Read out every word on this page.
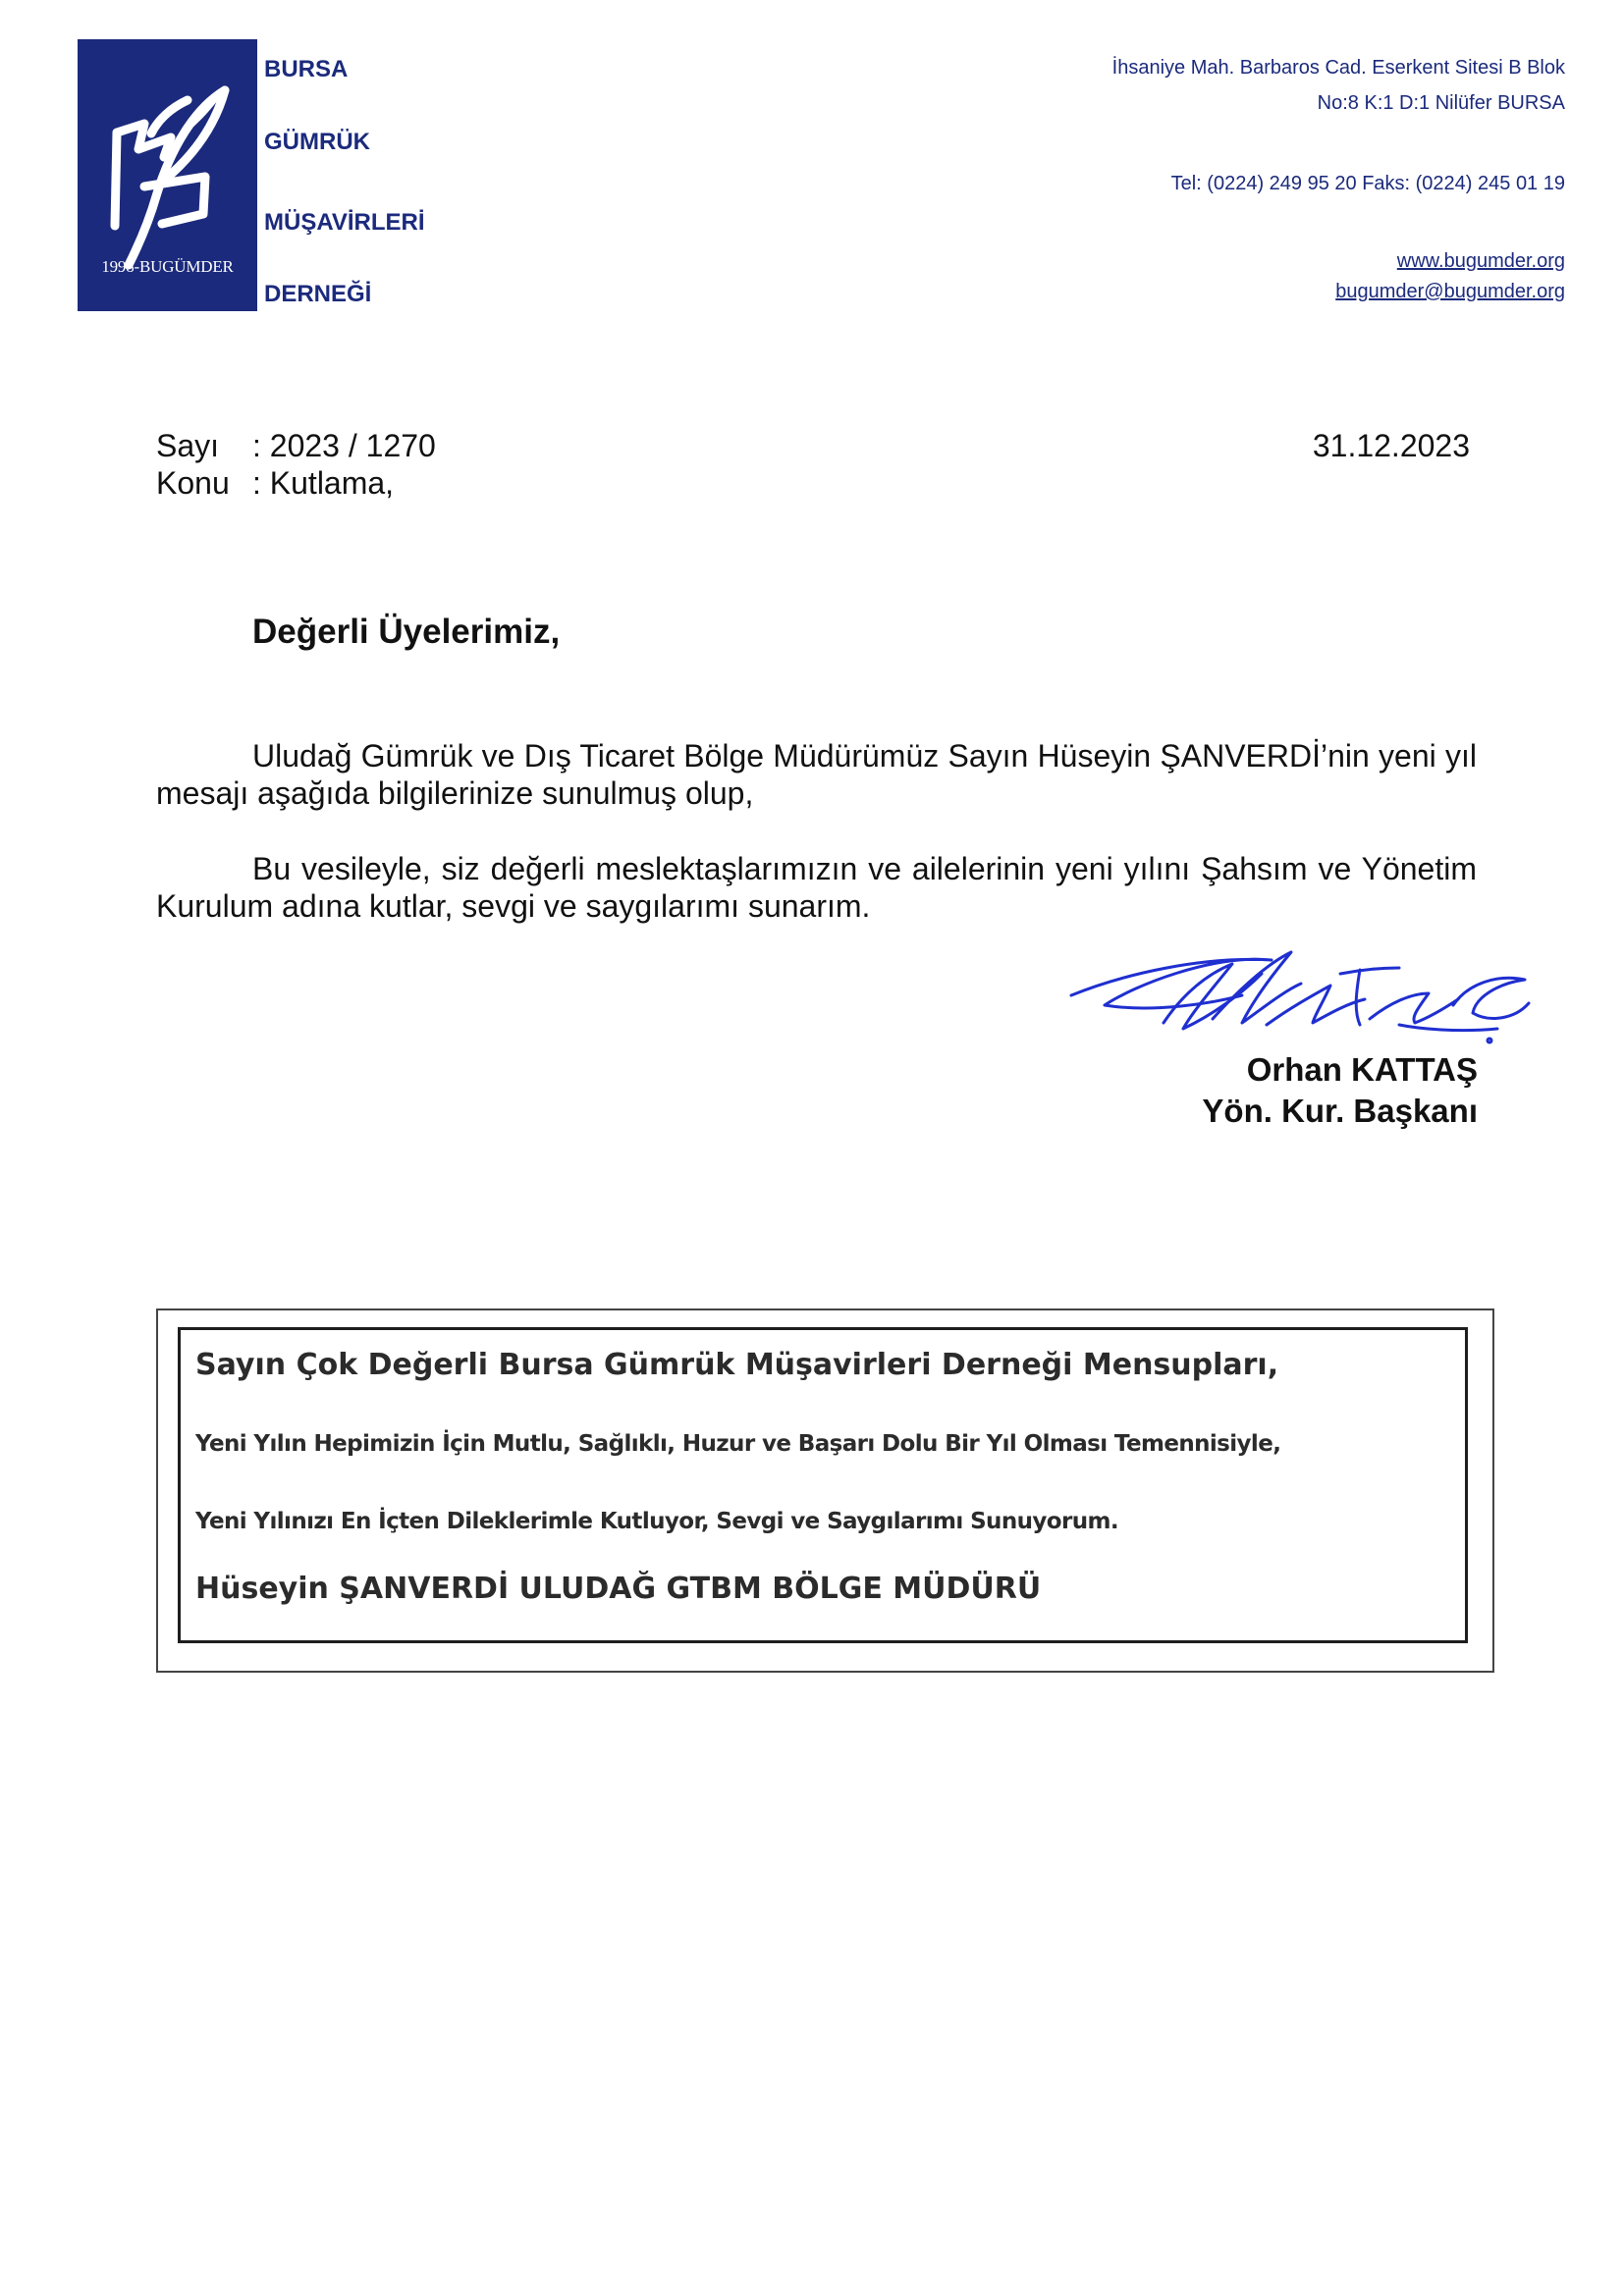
1998-BUGÜMDER
BURSA
GÜMRÜK
MÜŞAVİRLERİ
DERNEĞİ
İhsaniye Mah. Barbaros Cad. Eserkent Sitesi B Blok
No:8 K:1 D:1 Nilüfer BURSA
Tel: (0224) 249 95 20 Faks: (0224) 245 01 19
www.bugumder.org
bugumder@bugumder.org
Sayı : 2023 / 1270
Konu : Kutlama,
31.12.2023
Değerli Üyelerimiz,
Uludağ Gümrük ve Dış Ticaret Bölge Müdürümüz Sayın Hüseyin ŞANVERDİ’nin yeni yıl mesajı aşağıda bilgilerinize sunulmuş olup,
Bu vesileyle, siz değerli meslektaşlarımızın ve ailelerinin yeni yılını Şahsım ve Yönetim Kurulum adına kutlar, sevgi ve saygılarımı sunarım.
Orhan KATTAŞ
Yön. Kur. Başkanı
Sayın Çok Değerli Bursa Gümrük Müşavirleri Derneği Mensupları,
Yeni Yılın Hepimizin İçin Mutlu, Sağlıklı, Huzur ve Başarı Dolu Bir Yıl Olması Temennisiyle,
Yeni Yılınızı En İçten Dileklerimle Kutluyor, Sevgi ve Saygılarımı Sunuyorum.
Hüseyin ŞANVERDİ ULUDAĞ GTBM BÖLGE MÜDÜRÜ
